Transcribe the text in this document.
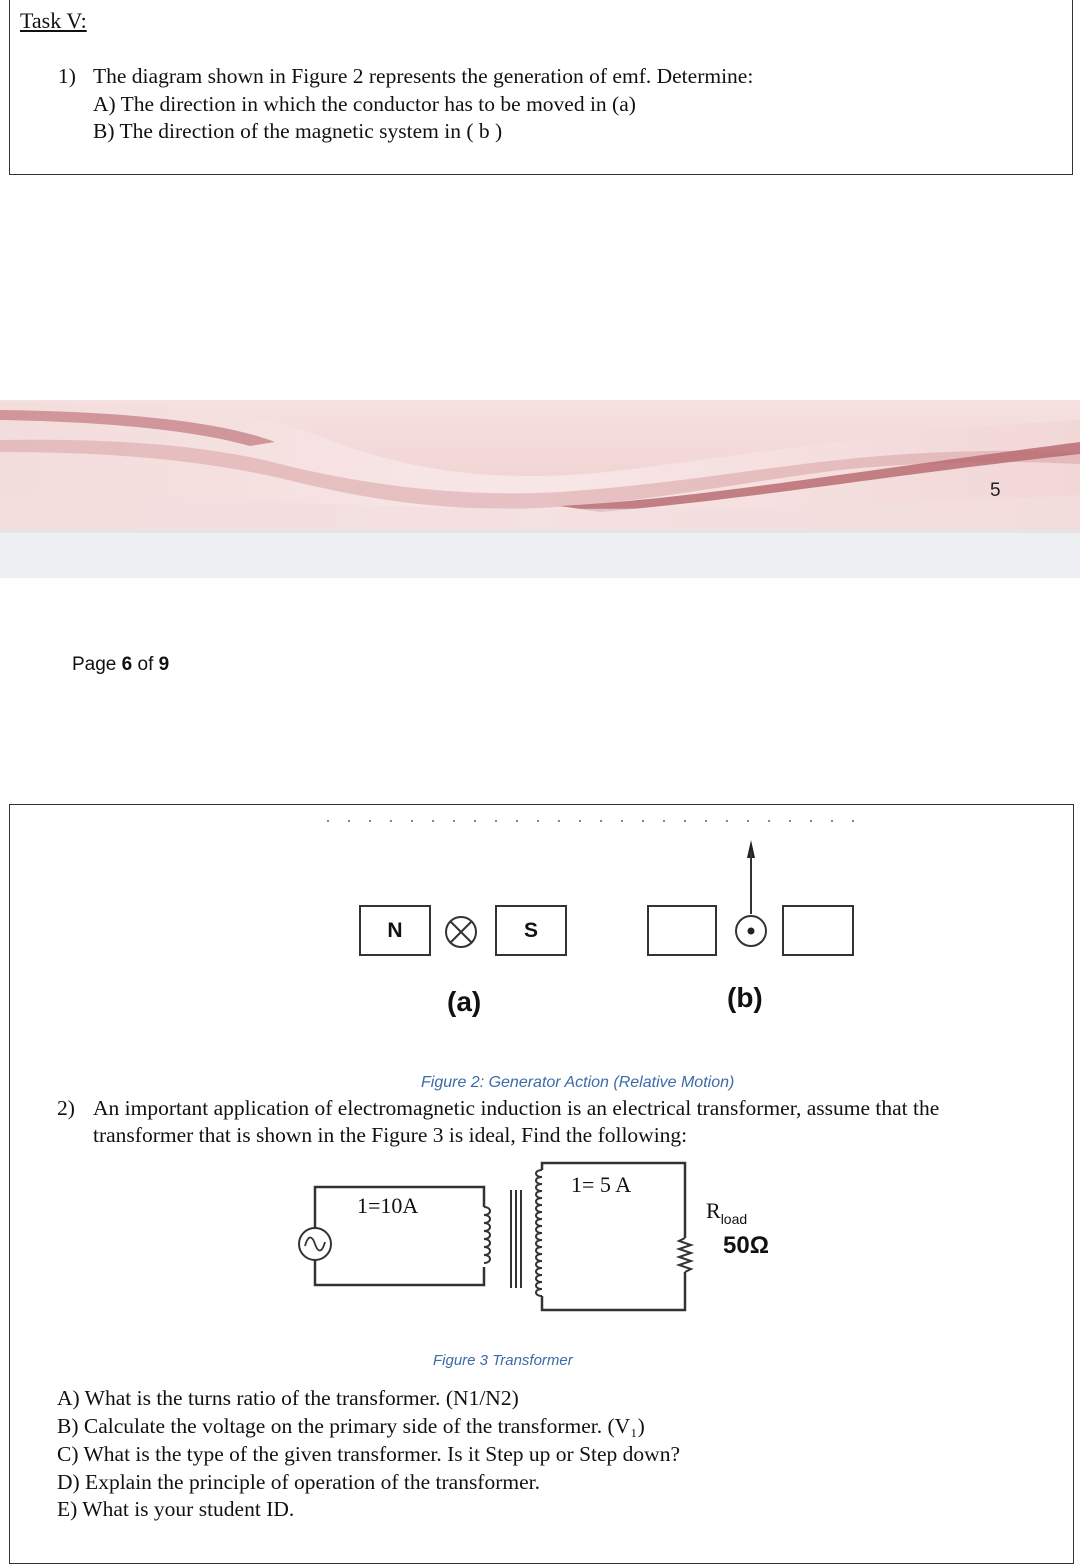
Task V:
1) The diagram shown in Figure 2 represents the generation of emf. Determine:
A) The direction in which the conductor has to be moved in (a)
B) The direction of the magnetic system in ( b )
5
Page 6 of 9
N	S
(a)	(b)
Figure 2: Generator Action (Relative Motion)
2) An important application of electromagnetic induction is an electrical transformer, assume that the
transformer that is shown in the Figure 3 is ideal, Find the following:
1=10A
1= 5 A
$R_{load}$
50Ω
Figure 3 Transformer
A) What is the turns ratio of the transformer. (N1/N2)
B) Calculate the voltage on the primary side of the transformer. (V₁)
C) What is the type of the given transformer. Is it Step up or Step down?
D) Explain the principle of operation of the transformer.
E) What is your student ID.
